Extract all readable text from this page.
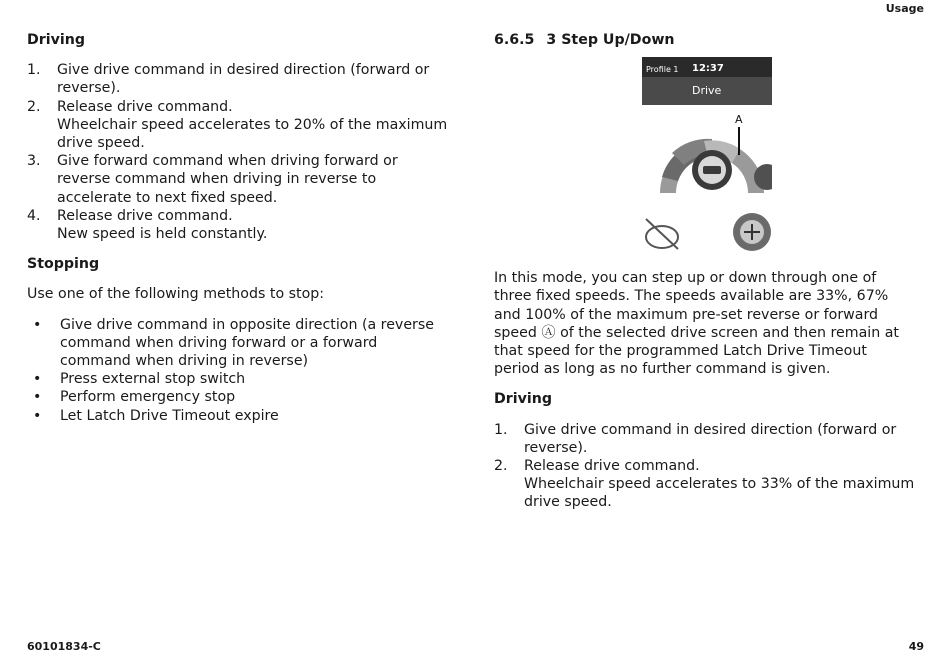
Usage
Driving
1. Give drive command in desired direction (forward or reverse).
2. Release drive command.
Wheelchair speed accelerates to 20% of the maximum drive speed.
3. Give forward command when driving forward or reverse command when driving in reverse to accelerate to next fixed speed.
4. Release drive command.
New speed is held constantly.
Stopping
Use one of the following methods to stop:
• Give drive command in opposite direction (a reverse command when driving forward or a forward command when driving in reverse)
• Press external stop switch
• Perform emergency stop
• Let Latch Drive Timeout expire
6.6.5 3 Step Up/Down
Profile 1 12:37
Drive
A
In this mode, you can step up or down through one of three fixed speeds. The speeds available are 33%, 67% and 100% of the maximum pre-set reverse or forward speed Ⓐ of the selected drive screen and then remain at that speed for the programmed Latch Drive Timeout period as long as no further command is given.
Driving
1. Give drive command in desired direction (forward or reverse).
2. Release drive command.
Wheelchair speed accelerates to 33% of the maximum drive speed.
60101834-C	49
